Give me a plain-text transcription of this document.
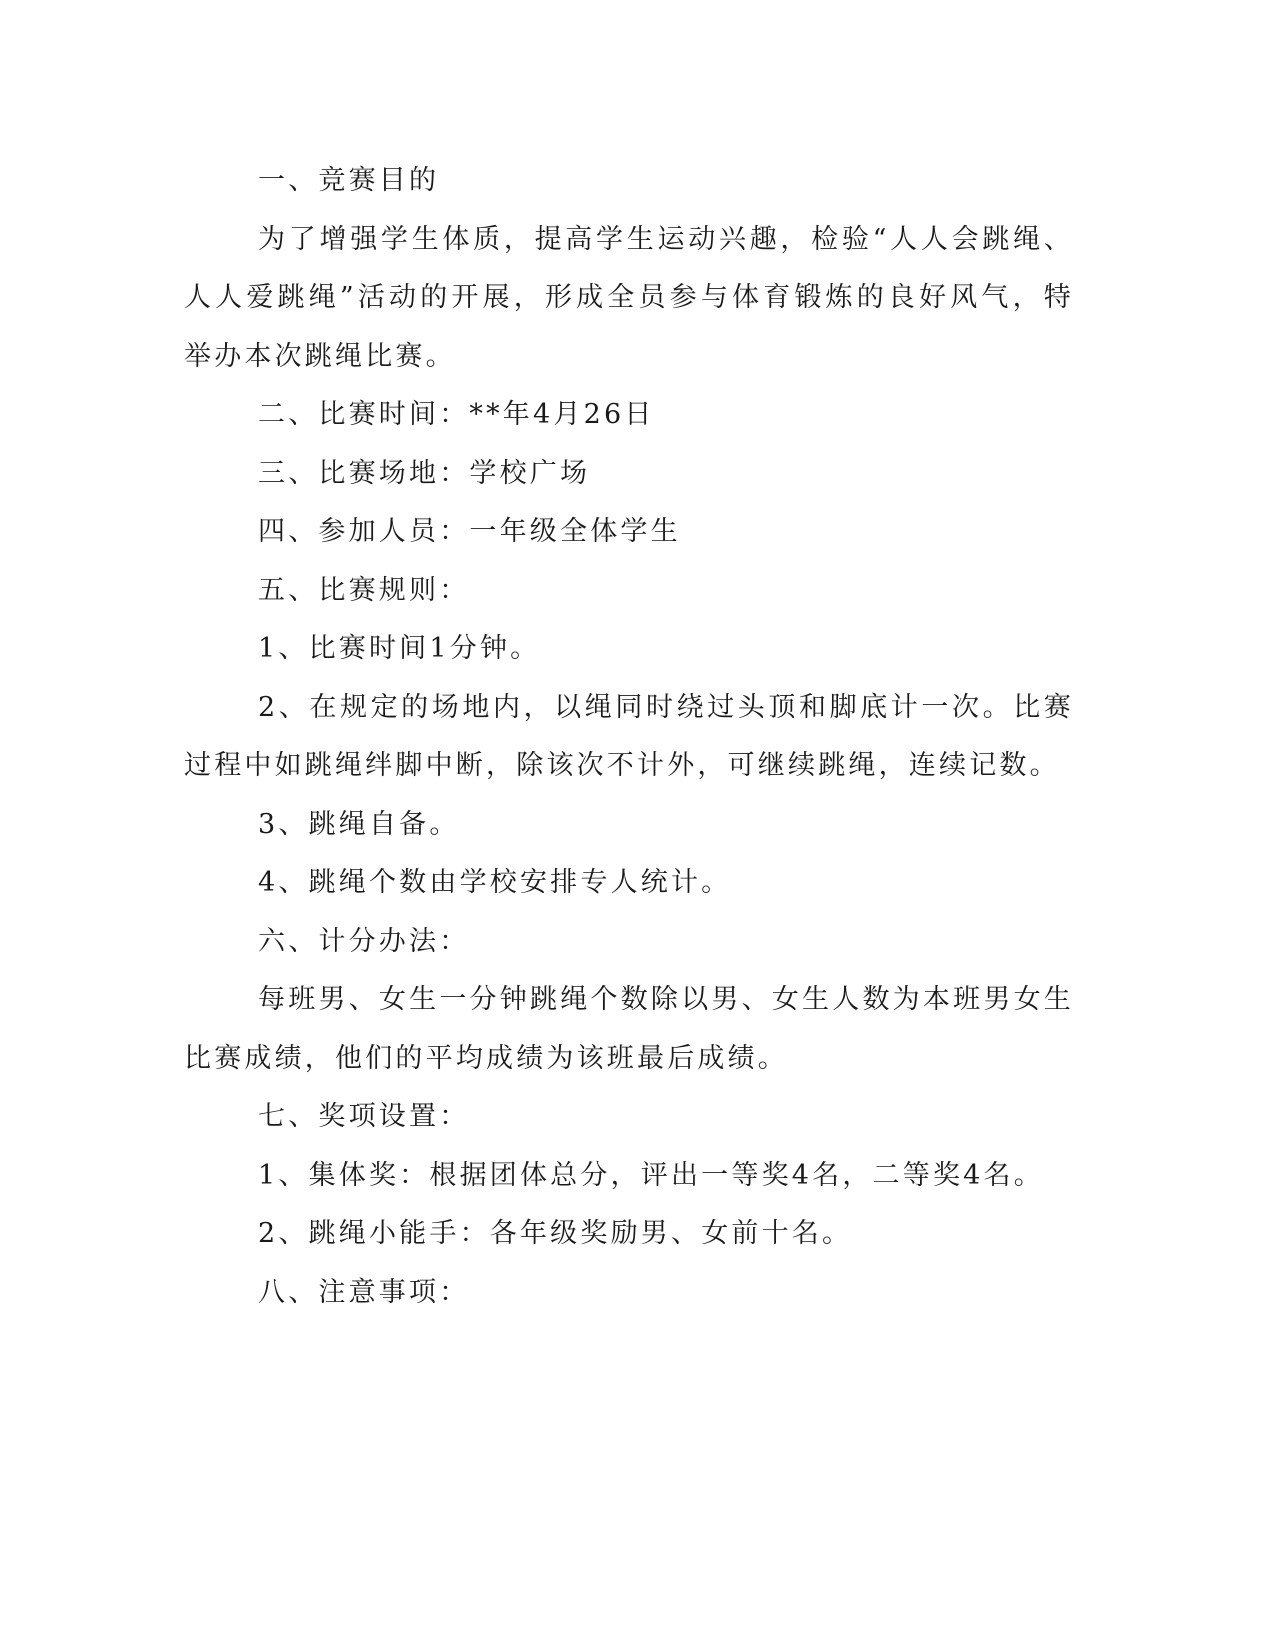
一、竞赛目的

为了增强学生体质，提高学生运动兴趣，检验“人人会跳绳、人人爱跳绳”活动的开展，形成全员参与体育锻炼的良好风气，特举办本次跳绳比赛。

二、比赛时间：**年4月26日

三、比赛场地：学校广场

四、参加人员：一年级全体学生

五、比赛规则：

1、比赛时间1分钟。

2、在规定的场地内，以绳同时绕过头顶和脚底计一次。比赛过程中如跳绳绊脚中断，除该次不计外，可继续跳绳，连续记数。

3、跳绳自备。

4、跳绳个数由学校安排专人统计。

六、计分办法：

每班男、女生一分钟跳绳个数除以男、女生人数为本班男女生比赛成绩，他们的平均成绩为该班最后成绩。

七、奖项设置：

1、集体奖：根据团体总分，评出一等奖4名，二等奖4名。

2、跳绳小能手：各年级奖励男、女前十名。

八、注意事项：
